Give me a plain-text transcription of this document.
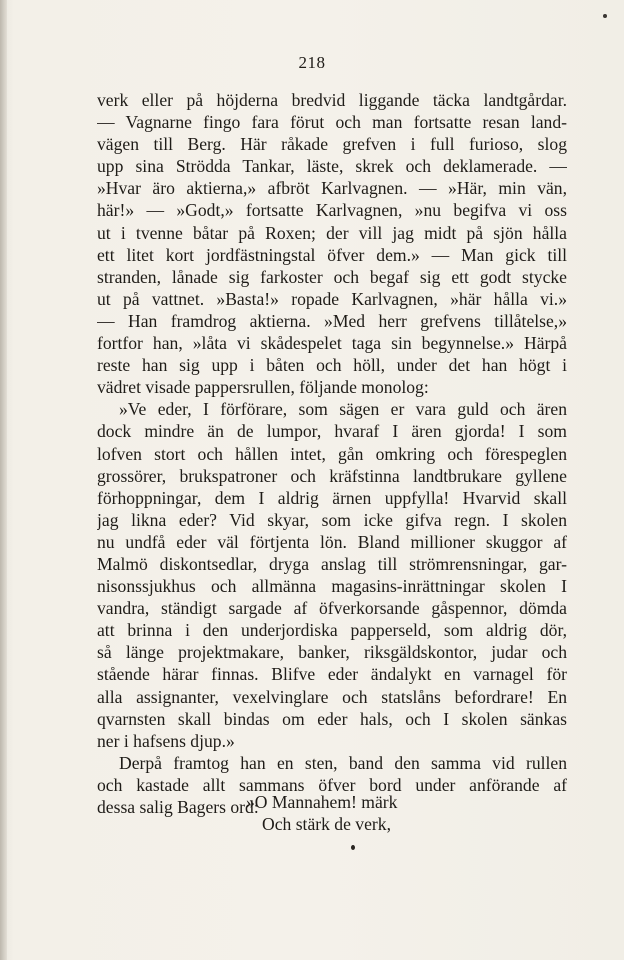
218
verk eller på höjderna bredvid liggande täcka landtgårdar.
— Vagnarne fingo fara förut och man fortsatte resan land-
vägen till Berg. Här råkade grefven i full furioso, slog
upp sina Strödda Tankar, läste, skrek och deklamerade. —
»Hvar äro aktierna,» afbröt Karlvagnen. — »Här, min vän,
här!» — »Godt,» fortsatte Karlvagnen, »nu begifva vi oss
ut i tvenne båtar på Roxen; der vill jag midt på sjön hålla
ett litet kort jordfästningstal öfver dem.» — Man gick till
stranden, lånade sig farkoster och begaf sig ett godt stycke
ut på vattnet. »Basta!» ropade Karlvagnen, »här hålla vi.»
— Han framdrog aktierna. »Med herr grefvens tillåtelse,»
fortfor han, »låta vi skådespelet taga sin begynnelse.» Härpå
reste han sig upp i båten och höll, under det han högt i
vädret visade pappersrullen, följande monolog:
»Ve eder, I förförare, som sägen er vara guld och ären
dock mindre än de lumpor, hvaraf I ären gjorda! I som
lofven stort och hållen intet, gån omkring och förespeglen
grossörer, brukspatroner och kräfstinna landtbrukare gyllene
förhoppningar, dem I aldrig ärnen uppfylla! Hvarvid skall
jag likna eder? Vid skyar, som icke gifva regn. I skolen
nu undfå eder väl förtjenta lön. Bland millioner skuggor af
Malmö diskontsedlar, dryga anslag till strömrensningar, gar-
nisonssjukhus och allmänna magasins-inrättningar skolen I
vandra, ständigt sargade af öfverkorsande gåspennor, dömda
att brinna i den underjordiska papperseld, som aldrig dör,
så länge projektmakare, banker, riksgäldskontor, judar och
stående härar finnas. Blifve eder ändalykt en varnagel för
alla assignanter, vexelvinglare och statslåns befordrare! En
qvarnsten skall bindas om eder hals, och I skolen sänkas
ner i hafsens djup.»
Derpå framtog han en sten, band den samma vid rullen
och kastade allt sammans öfver bord under anförande af
dessa salig Bagers ord:
»O Mannahem! märk
Och stärk de verk,
